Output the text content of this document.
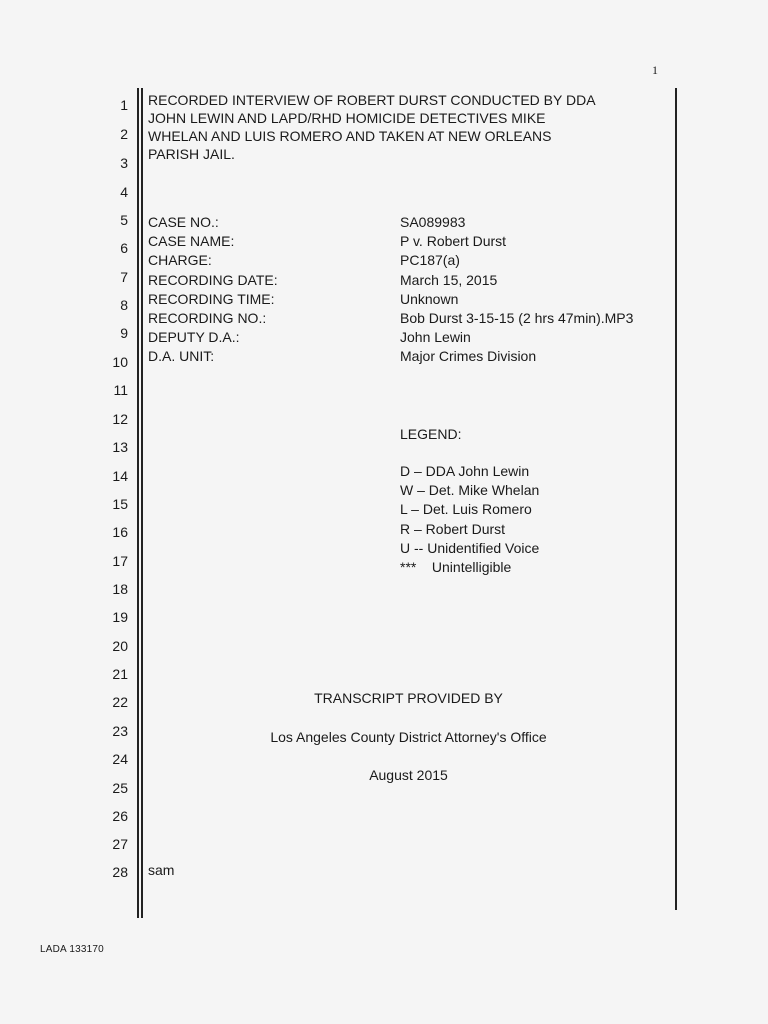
1
1
2
3
4
5
6
7
8
9
10
11
12
13
14
15
16
17
18
19
20
21
22
23
24
25
26
27
28
RECORDED INTERVIEW OF ROBERT DURST CONDUCTED BY DDA
JOHN LEWIN AND LAPD/RHD HOMICIDE DETECTIVES MIKE
WHELAN AND LUIS ROMERO AND TAKEN AT NEW ORLEANS
PARISH JAIL.
CASE NO.:
CASE NAME:
CHARGE:
RECORDING DATE:
RECORDING TIME:
RECORDING NO.:
DEPUTY D.A.:
D.A. UNIT:
SA089983
P v. Robert Durst
PC187(a)
March 15, 2015
Unknown
Bob Durst 3-15-15 (2 hrs 47min).MP3
John Lewin
Major Crimes Division
LEGEND:
D – DDA John Lewin
W – Det. Mike Whelan
L – Det. Luis Romero
R – Robert Durst
U -- Unidentified Voice
***    Unintelligible
TRANSCRIPT PROVIDED BY
Los Angeles County District Attorney's Office
August 2015
sam
LADA 133170
